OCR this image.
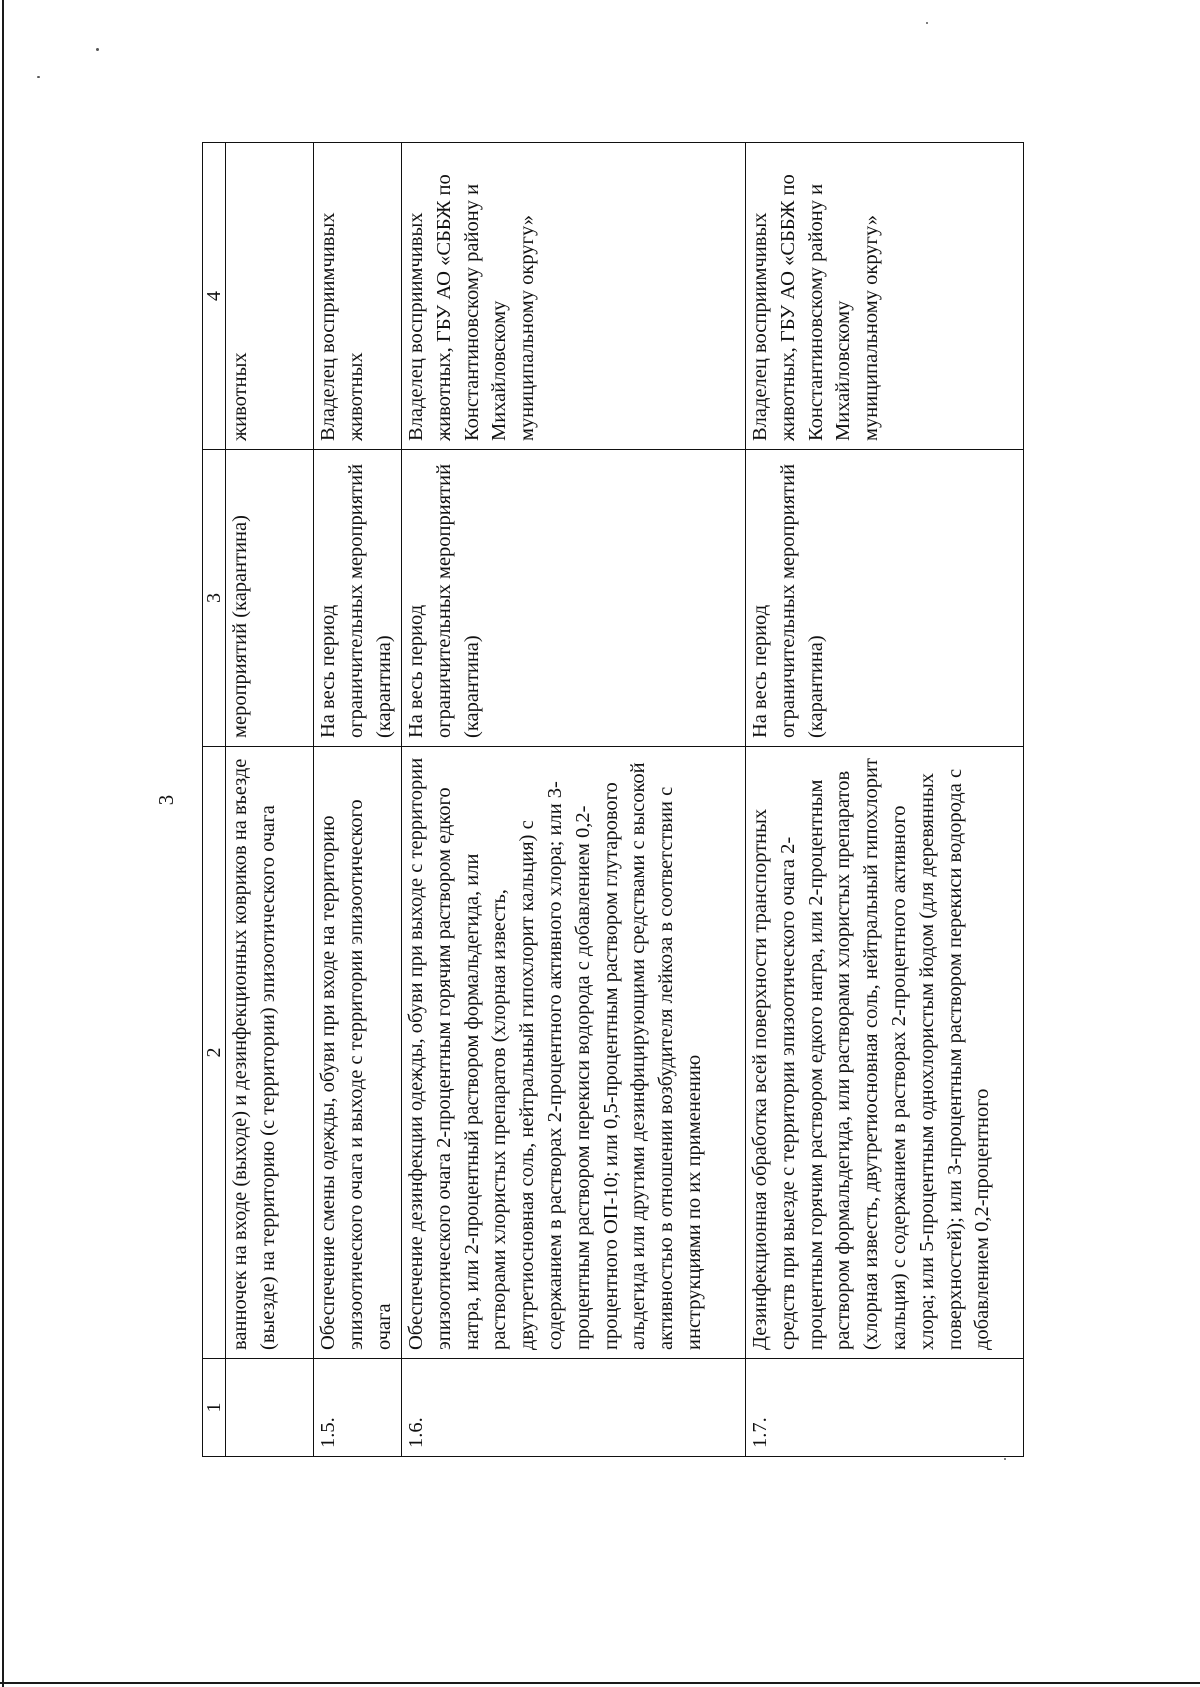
3
1	2	3	4
	ванночек на входе (выходе) и дезинфекционных ковриков на въезде (выезде) на территорию (с территории) эпизоотического очага	мероприятий (карантина)	животных
1.5.	Обеспечение смены одежды, обуви при входе на территорию эпизоотического очага и выходе с территории эпизоотического очага	На весь период ограничительных мероприятий (карантина)	Владелец восприимчивых животных
1.6.	Обеспечение дезинфекции одежды, обуви при выходе с территории эпизоотического очага 2-процентным горячим раствором едкого натра, или 2-процентный раствором формальдегида, или растворами хлористых препаратов (хлорная известь, двутретиосновная соль, нейтральный гипохлорит кальция) с содержанием в растворах 2-процентного активного хлора; или 3-процентным раствором перекиси водорода с добавлением 0,2-процентного ОП-10; или 0,5-процентным раствором глутарового альдегида или другими дезинфицирующими средствами с высокой активностью в отношении возбудителя лейкоза в соответствии с инструкциями по их применению	На весь период ограничительных мероприятий (карантина)	Владелец восприимчивых животных, ГБУ АО «СББЖ по Константиновскому району и Михайловскому муниципальному округу»
1.7.	Дезинфекционная обработка всей поверхности транспортных средств при выезде с территории эпизоотического очага 2-процентным горячим раствором едкого натра, или 2-процентным раствором формальдегида, или растворами хлористых препаратов (хлорная известь, двутретиосновная соль, нейтральный гипохлорит кальция) с содержанием в растворах 2-процентного активного хлора; или 5-процентным однохлористым йодом (для деревянных поверхностей); или 3-процентным раствором перекиси водорода с добавлением 0,2-процентного	На весь период ограничительных мероприятий (карантина)	Владелец восприимчивых животных, ГБУ АО «СББЖ по Константиновскому району и Михайловскому муниципальному округу»
